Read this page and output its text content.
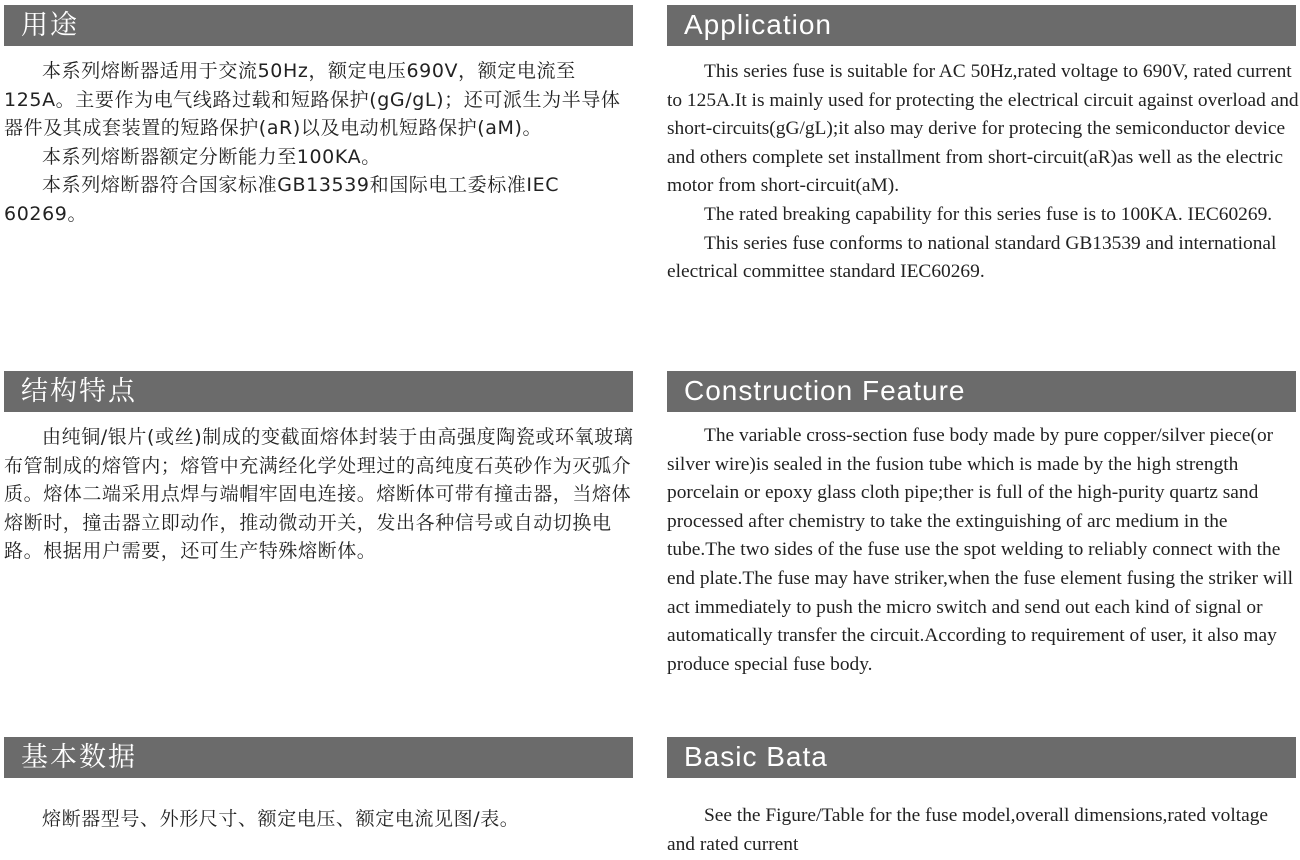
用途	Application

本系列熔断器适用于交流50Hz，额定电压690V，额定电流至125A。主要作为电气线路过载和短路保护(gG/gL)；还可派生为半导体器件及其成套装置的短路保护(aR)以及电动机短路保护(aM)。

本系列熔断器额定分断能力至100KA。

本系列熔断器符合国家标准GB13539和国际电工委标准IEC 60269。

This series fuse is suitable for AC 50Hz,rated voltage to 690V, rated current to 125A.It is mainly used for protecting the electrical circuit against overload and short-circuits(gG/gL);it also may derive for protecing the semiconductor device and others complete set installment from short-circuit(aR)as well as the electric motor from short-circuit(aM).

The rated breaking capability for this series fuse is to 100KA. IEC60269.

This series fuse conforms to national standard GB13539 and international electrical committee standard IEC60269.

结构特点	Construction Feature

由纯铜/银片(或丝)制成的变截面熔体封装于由高强度陶瓷或环氧玻璃布管制成的熔管内；熔管中充满经化学处理过的高纯度石英砂作为灭弧介质。熔体二端采用点焊与端帽牢固电连接。熔断体可带有撞击器，当熔体熔断时，撞击器立即动作，推动微动开关，发出各种信号或自动切换电路。根据用户需要，还可生产特殊熔断体。

The variable cross-section fuse body made by pure copper/silver piece(or silver wire)is sealed in the fusion tube which is made by the high strength porcelain or epoxy glass cloth pipe;ther is full of the high-purity quartz sand processed after chemistry to take the extinguishing of arc medium in the tube.The two sides of the fuse use the spot welding to reliably connect with the end plate.The fuse may have striker,when the fuse element fusing the striker will act immediately to push the micro switch and send out each kind of signal or automatically transfer the circuit.According to requirement of user, it also may produce special fuse body.

基本数据	Basic Bata

熔断器型号、外形尺寸、额定电压、额定电流见图/表。	See the Figure/Table for the fuse model,overall dimensions,rated voltage and rated current
